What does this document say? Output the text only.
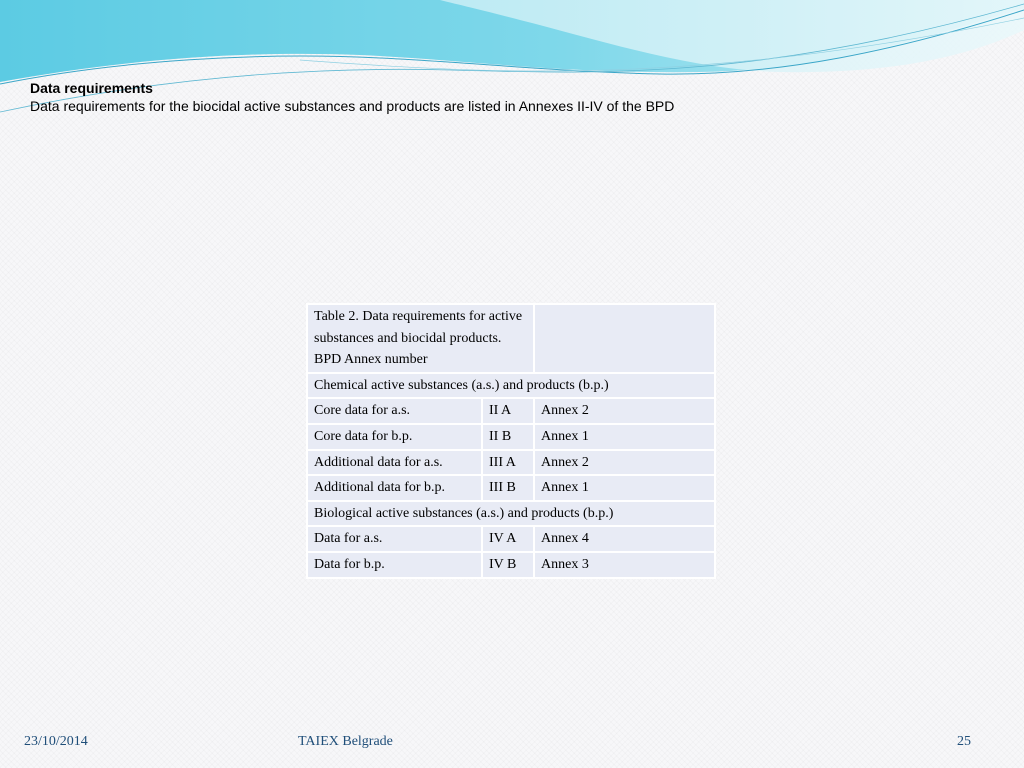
Data requirements
Data requirements for the biocidal active substances and products are listed in Annexes II-IV of the BPD
Table 2. Data requirements for active substances and biocidal products. BPD Annex number		
Chemical active substances (a.s.) and products (b.p.)		
Core data for a.s.	II A	Annex 2
Core data for b.p.	II B	Annex 1
Additional data for a.s.	III A	Annex 2
Additional data for b.p.	III B	Annex 1
Biological active substances (a.s.) and products (b.p.)		
Data for a.s.	IV A	Annex 4
Data for b.p.	IV B	Annex 3
23/10/2014	TAIEX Belgrade	25
